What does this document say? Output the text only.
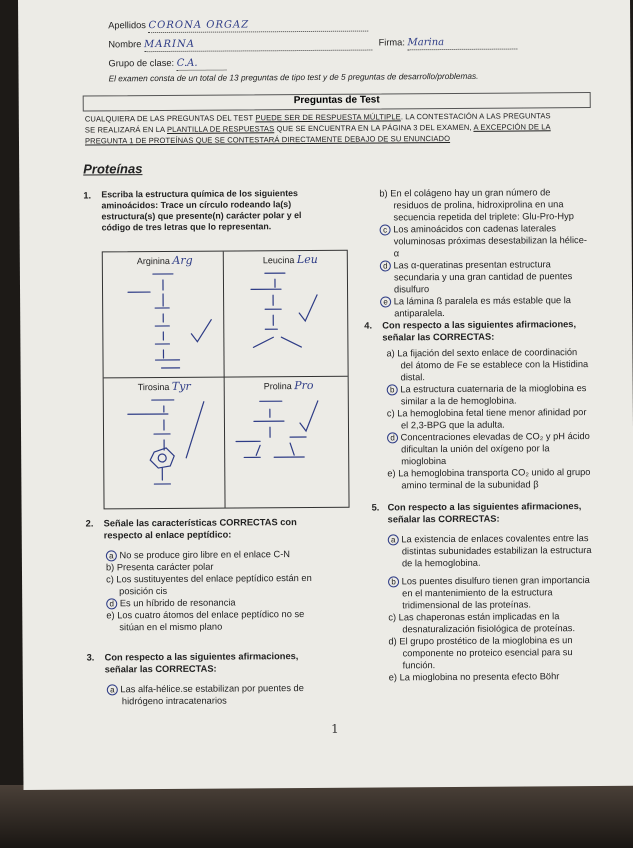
Apellidos CORONA ORGAZ
Nombre MARINA	Firma: Marina
Grupo de clase: C.A.
El examen consta de un total de 13 preguntas de tipo test y de 5 preguntas de desarrollo/problemas.
Preguntas de Test
CUALQUIERA DE LAS PREGUNTAS DEL TEST PUEDE SER DE RESPUESTA MÚLTIPLE. LA CONTESTACIÓN A LAS PREGUNTAS
SE REALIZARÁ EN LA PLANTILLA DE RESPUESTAS QUE SE ENCUENTRA EN LA PÁGINA 3 DEL EXAMEN, A EXCEPCIÓN DE LA
PREGUNTA 1 DE PROTEÍNAS QUE SE CONTESTARÁ DIRECTAMENTE DEBAJO DE SU ENUNCIADO
Proteínas
1. Escriba la estructura química de los siguientes
aminoácidos: Trace un círculo rodeando la(s)
estructura(s) que presente(n) carácter polar y el
código de tres letras que lo representan.
Arginina Arg	Leucina Leu
Tirosina Tyr	Prolina Pro
2. Señale las características CORRECTAS con
respecto al enlace peptídico:
a No se produce giro libre en el enlace C-N
b) Presenta carácter polar
c) Los sustituyentes del enlace peptídico están en
posición cis
d Es un híbrido de resonancia
e) Los cuatro átomos del enlace peptídico no se
sitúan en el mismo plano
3. Con respecto a las siguientes afirmaciones,
señalar las CORRECTAS:
a Las alfa-hélice.se estabilizan por puentes de
hidrógeno intracatenarios
b) En el colágeno hay un gran número de
residuos de prolina, hidroxiprolina en una
secuencia repetida del triplete: Glu-Pro-Hyp
c Los aminoácidos con cadenas laterales
voluminosas próximas desestabilizan la hélice-
α
d Las α-queratinas presentan estructura
secundaria y una gran cantidad de puentes
disulfuro
e La lámina ß paralela es más estable que la
antiparalela.
4. Con respecto a las siguientes afirmaciones,
señalar las CORRECTAS:
a) La fijación del sexto enlace de coordinación
del átomo de Fe se establece con la Histidina
distal.
b La estructura cuaternaria de la mioglobina es
similar a la de hemoglobina.
c) La hemoglobina fetal tiene menor afinidad por
el 2,3-BPG que la adulta.
d Concentraciones elevadas de CO₂ y pH ácido
dificultan la unión del oxígeno por la
mioglobina
e) La hemoglobina transporta CO₂ unido al grupo
amino terminal de la subunidad β
5. Con respecto a las siguientes afirmaciones,
señalar las CORRECTAS:
a La existencia de enlaces covalentes entre las
distintas subunidades estabilizan la estructura
de la hemoglobina.
b Los puentes disulfuro tienen gran importancia
en el mantenimiento de la estructura
tridimensional de las proteínas.
c) Las chaperonas están implicadas en la
desnaturalización fisiológica de proteínas.
d) El grupo prostético de la mioglobina es un
componente no proteico esencial para su
función.
e) La mioglobina no presenta efecto Böhr
1
